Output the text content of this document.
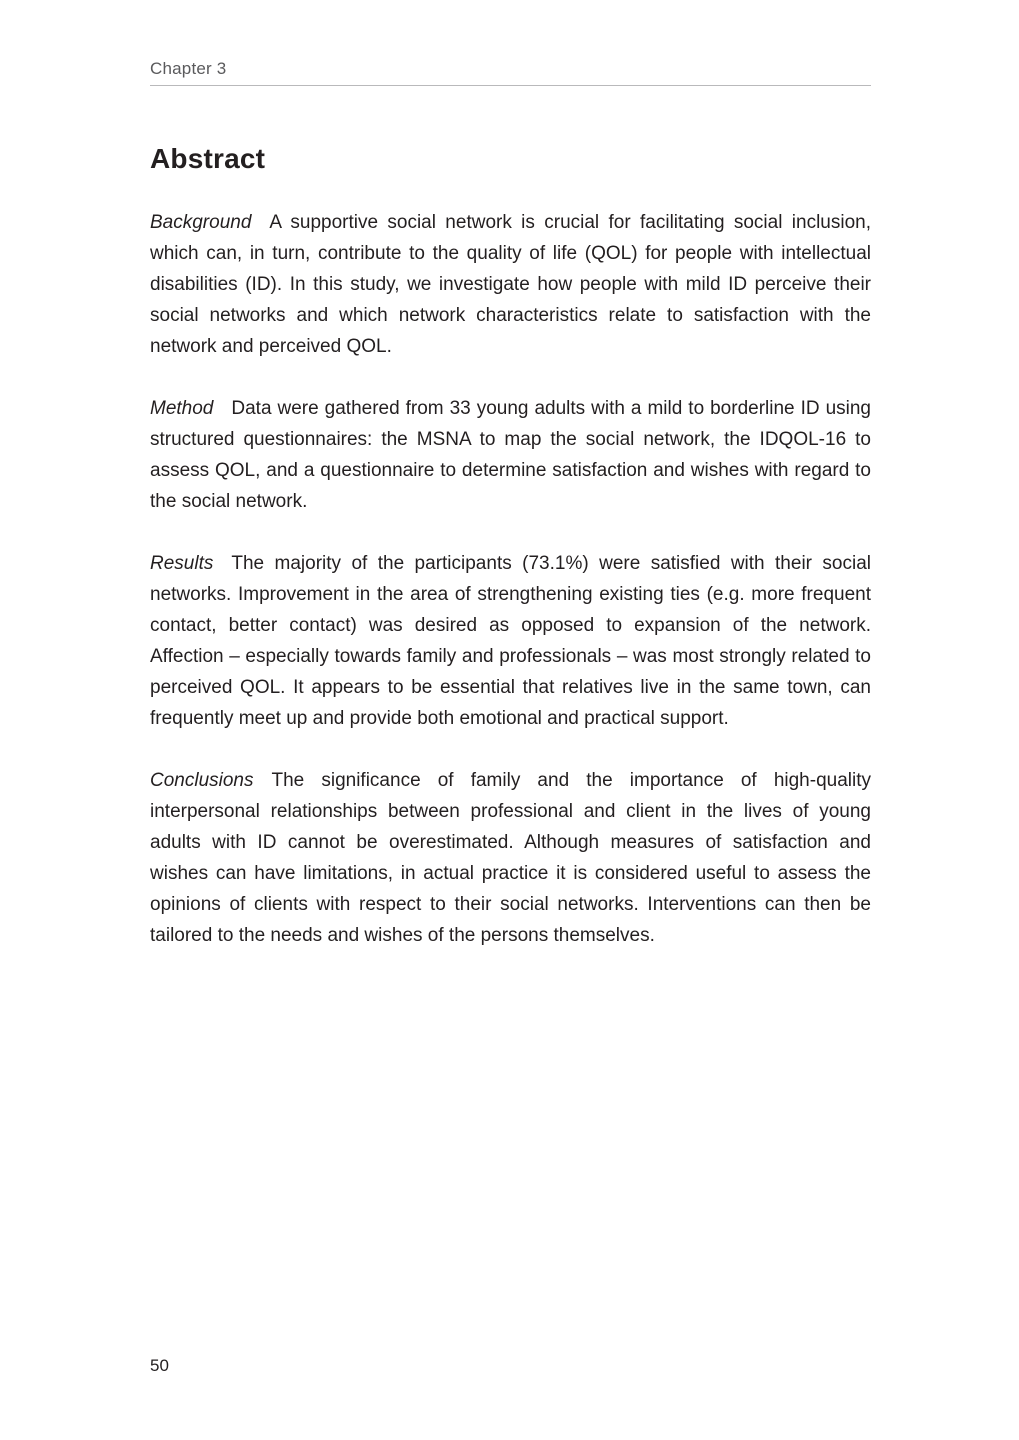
Chapter 3
Abstract

Background A supportive social network is crucial for facilitating social inclusion, which can, in turn, contribute to the quality of life (QOL) for people with intellectual disabilities (ID). In this study, we investigate how people with mild ID perceive their social networks and which network characteristics relate to satisfaction with the network and perceived QOL.

Method Data were gathered from 33 young adults with a mild to borderline ID using structured questionnaires: the MSNA to map the social network, the IDQOL-16 to assess QOL, and a questionnaire to determine satisfaction and wishes with regard to the social network.

Results The majority of the participants (73.1%) were satisfied with their social networks. Improvement in the area of strengthening existing ties (e.g. more frequent contact, better contact) was desired as opposed to expansion of the network. Affection – especially towards family and professionals – was most strongly related to perceived QOL. It appears to be essential that relatives live in the same town, can frequently meet up and provide both emotional and practical support.

Conclusions The significance of family and the importance of high-quality interpersonal relationships between professional and client in the lives of young adults with ID cannot be overestimated. Although measures of satisfaction and wishes can have limitations, in actual practice it is considered useful to assess the opinions of clients with respect to their social networks. Interventions can then be tailored to the needs and wishes of the persons themselves.

50
